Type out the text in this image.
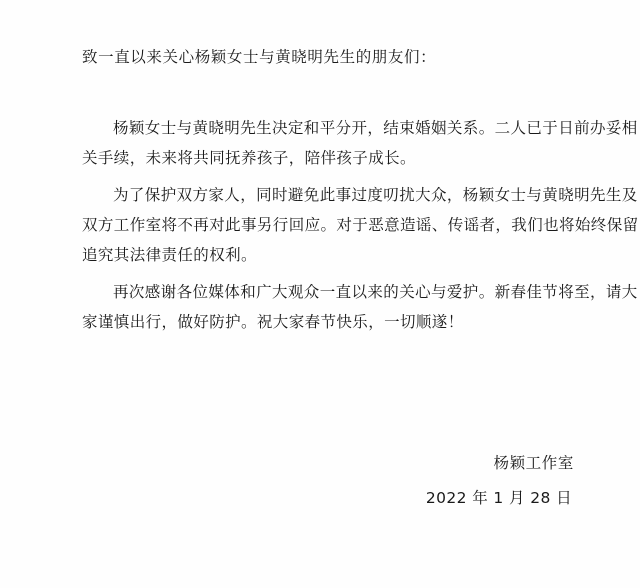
致一直以来关心杨颖女士与黄晓明先生的朋友们：
杨颖女士与黄晓明先生决定和平分开，结束婚姻关系。二人已于日前办妥相
关手续，未来将共同抚养孩子，陪伴孩子成长。
为了保护双方家人，同时避免此事过度叨扰大众，杨颖女士与黄晓明先生及
双方工作室将不再对此事另行回应。对于恶意造谣、传谣者，我们也将始终保留
追究其法律责任的权利。
再次感谢各位媒体和广大观众一直以来的关心与爱护。新春佳节将至，请大
家谨慎出行，做好防护。祝大家春节快乐，一切顺遂！
杨颖工作室
2022 年 1 月 28 日
